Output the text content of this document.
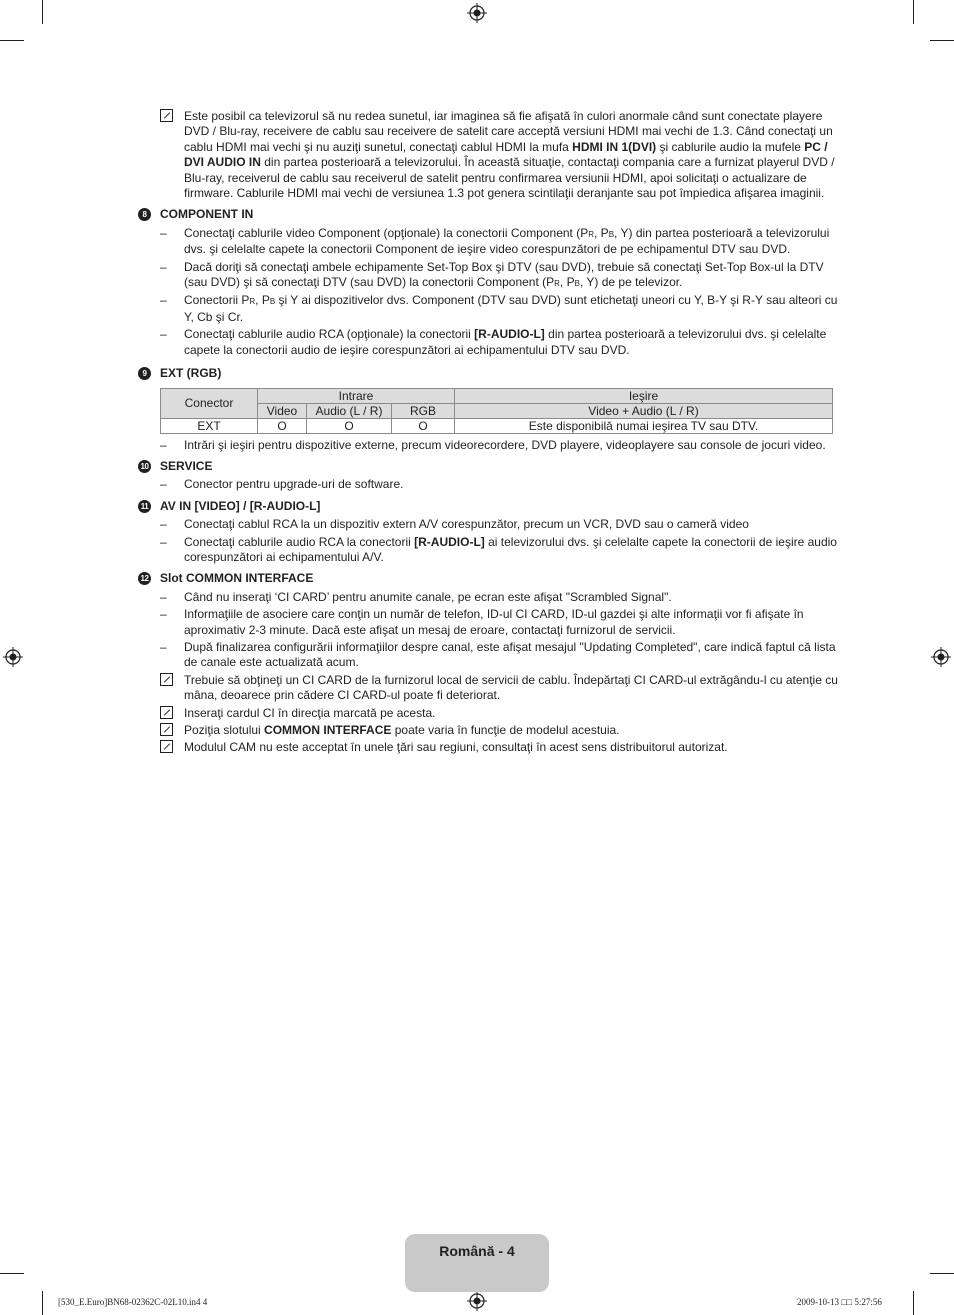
Este posibil ca televizorul să nu redea sunetul, iar imaginea să fie afişată în culori anormale când sunt conectate playere DVD / Blu-ray, receivere de cablu sau receivere de satelit care acceptă versiuni HDMI mai vechi de 1.3. Când conectaţi un cablu HDMI mai vechi şi nu auziţi sunetul, conectaţi cablul HDMI la mufa HDMI IN 1(DVI) şi cablurile audio la mufele PC / DVI AUDIO IN din partea posterioară a televizorului. În această situaţie, contactaţi compania care a furnizat playerul DVD / Blu-ray, receiverul de cablu sau receiverul de satelit pentru confirmarea versiunii HDMI, apoi solicitaţi o actualizare de firmware. Cablurile HDMI mai vechi de versiunea 1.3 pot genera scintilaţii deranjante sau pot împiedica afişarea imaginii.
8	COMPONENT IN
– Conectaţi cablurile video Component (opţionale) la conectorii Component (PR, PB, Y) din partea posterioară a televizorului dvs. şi celelalte capete la conectorii Component de ieşire video corespunzători de pe echipamentul DTV sau DVD.
– Dacă doriţi să conectaţi ambele echipamente Set-Top Box şi DTV (sau DVD), trebuie să conectaţi Set-Top Box-ul la DTV (sau DVD) şi să conectaţi DTV (sau DVD) la conectorii Component (PR, PB, Y) de pe televizor.
– Conectorii PR, PB şi Y ai dispozitivelor dvs. Component (DTV sau DVD) sunt etichetaţi uneori cu Y, B-Y şi R-Y sau alteori cu Y, Cb şi Cr.
– Conectaţi cablurile audio RCA (opţionale) la conectorii [R-AUDIO-L] din partea posterioară a televizorului dvs. şi celelalte capete la conectorii audio de ieşire corespunzători ai echipamentului DTV sau DVD.
9	EXT (RGB)
Conector	Intrare			Ieşire
	Video	Audio (L / R)	RGB	Video + Audio (L / R)
EXT	O	O	O	Este disponibilă numai ieşirea TV sau DTV.
– Intrări şi ieşiri pentru dispozitive externe, precum videorecordere, DVD playere, videoplayere sau console de jocuri video.
10 SERVICE
– Conector pentru upgrade-uri de software.
11 AV IN [VIDEO] / [R-AUDIO-L]
– Conectaţi cablul RCA la un dispozitiv extern A/V corespunzător, precum un VCR, DVD sau o cameră video
– Conectaţi cablurile audio RCA la conectorii [R-AUDIO-L] ai televizorului dvs. şi celelalte capete la conectorii de ieşire audio corespunzători ai echipamentului A/V.
12 Slot COMMON INTERFACE
– Când nu inseraţi ‘CI CARD’ pentru anumite canale, pe ecran este afişat "Scrambled Signal".
– Informaţiile de asociere care conţin un număr de telefon, ID-ul CI CARD, ID-ul gazdei şi alte informaţii vor fi afişate în aproximativ 2-3 minute. Dacă este afişat un mesaj de eroare, contactaţi furnizorul de servicii.
– După finalizarea configurării informaţiilor despre canal, este afişat mesajul "Updating Completed", care indică faptul că lista de canale este actualizată acum.
Trebuie să obţineţi un CI CARD de la furnizorul local de servicii de cablu. Îndepărtaţi CI CARD-ul extrăgându-l cu atenţie cu mâna, deoarece prin cădere CI CARD-ul poate fi deteriorat.
Inseraţi cardul CI în direcţia marcată pe acesta.
Poziţia slotului COMMON INTERFACE poate varia în funcţie de modelul acestuia.
Modulul CAM nu este acceptat în unele ţări sau regiuni, consultaţi în acest sens distribuitorul autorizat.
Română - 4
[530_E.Euro]BN68-02362C-02L10.in4 4	2009-10-13 □□ 5:27:56
